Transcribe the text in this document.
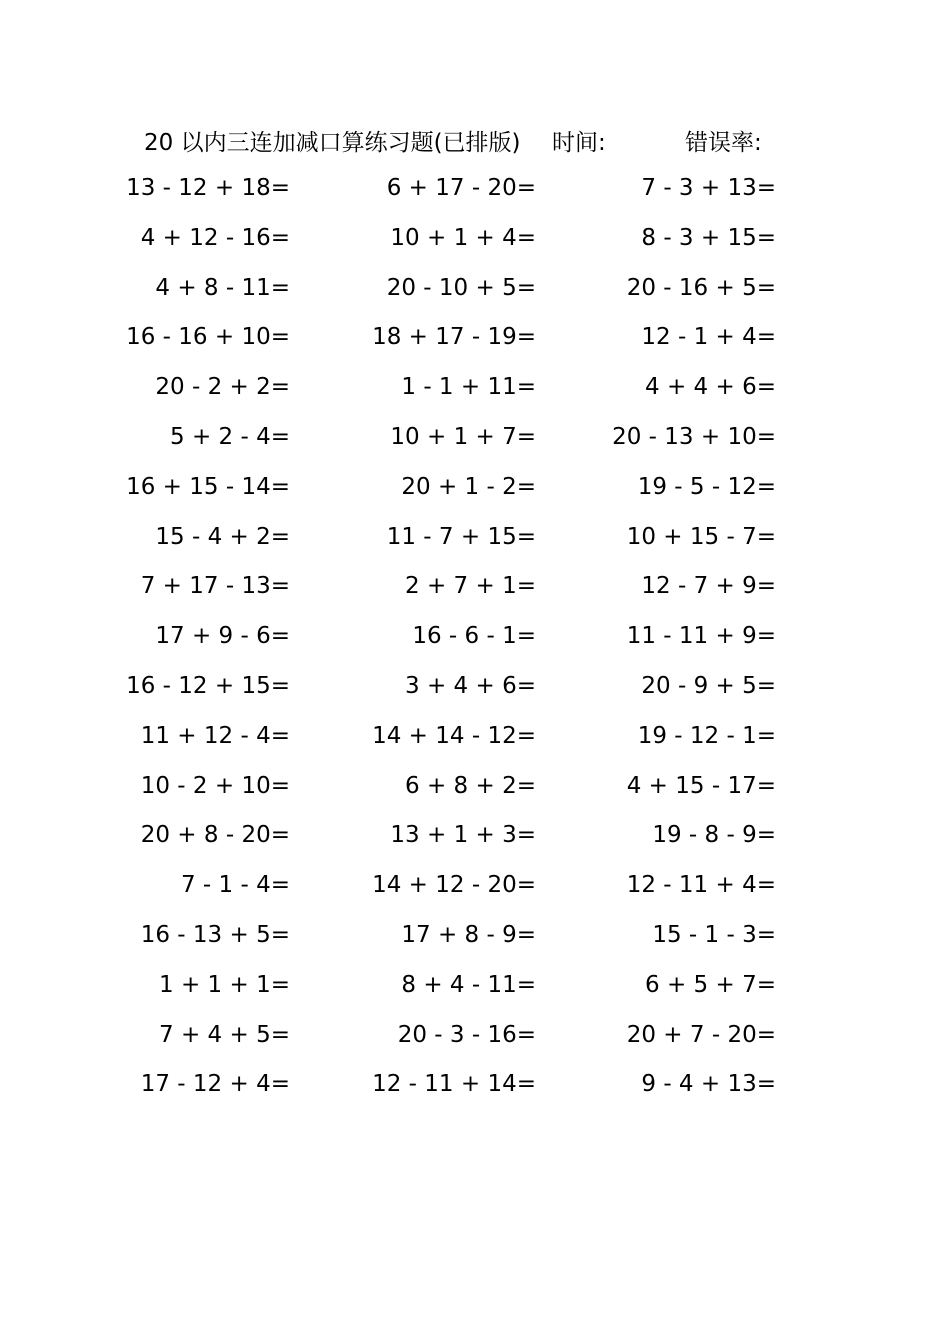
20 以内三连加减口算练习题(已排版) 时间:	错误率:
13 - 12 + 18=	6 + 17 - 20=	7 - 3 + 13=
4 + 12 - 16=	10 + 1 + 4=	8 - 3 + 15=
4 + 8 - 11=	20 - 10 + 5=	20 - 16 + 5=
16 - 16 + 10=	18 + 17 - 19=	12 - 1 + 4=
20 - 2 + 2=	1 - 1 + 11=	4 + 4 + 6=
5 + 2 - 4=	10 + 1 + 7=	20 - 13 + 10=
16 + 15 - 14=	20 + 1 - 2=	19 - 5 - 12=
15 - 4 + 2=	11 - 7 + 15=	10 + 15 - 7=
7 + 17 - 13=	2 + 7 + 1=	12 - 7 + 9=
17 + 9 - 6=	16 - 6 - 1=	11 - 11 + 9=
16 - 12 + 15=	3 + 4 + 6=	20 - 9 + 5=
11 + 12 - 4=	14 + 14 - 12=	19 - 12 - 1=
10 - 2 + 10=	6 + 8 + 2=	4 + 15 - 17=
20 + 8 - 20=	13 + 1 + 3=	19 - 8 - 9=
7 - 1 - 4=	14 + 12 - 20=	12 - 11 + 4=
16 - 13 + 5=	17 + 8 - 9=	15 - 1 - 3=
1 + 1 + 1=	8 + 4 - 11=	6 + 5 + 7=
7 + 4 + 5=	20 - 3 - 16=	20 + 7 - 20=
17 - 12 + 4=	12 - 11 + 14=	9 - 4 + 13=
